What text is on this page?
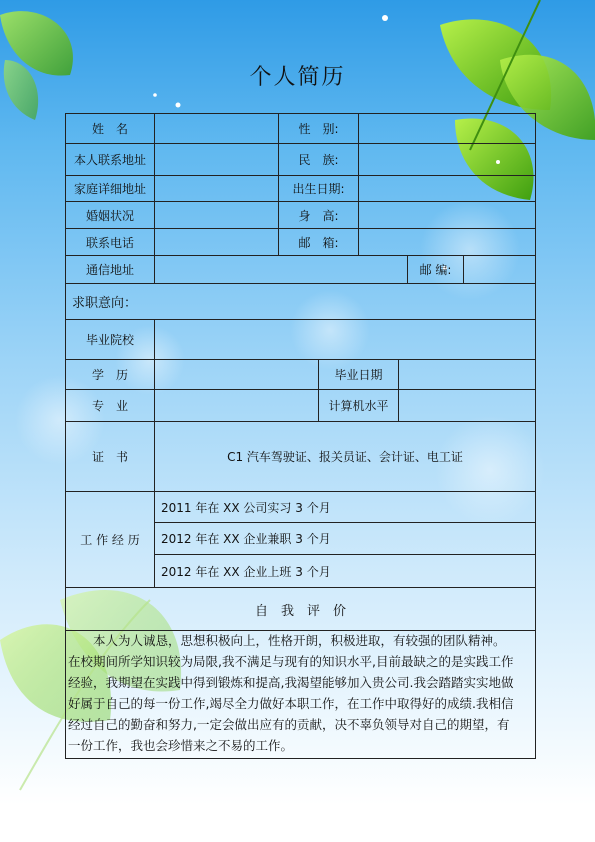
个人简历
姓　名	性　别:
本人联系地址	民　族:
家庭详细地址	出生日期:
婚姻状况	身　高:
联系电话	邮　箱:
通信地址	邮 编:
求职意向：
毕业院校
学　历	毕业日期
专　业	计算机水平
证　书	C1 汽车驾驶证、报关员证、会计证、电工证
工 作 经 历
2011 年在 XX 公司实习 3 个月
2012 年在 XX 企业兼职 3 个月
2012 年在 XX 企业上班 3 个月
自　我　评　价
　　本人为人诚恳，思想积极向上，性格开朗，积极进取，有较强的团队精神。
在校期间所学知识较为局限,我不满足与现有的知识水平,目前最缺之的是实践工作
经验，我期望在实践中得到锻炼和提高,我渴望能够加入贵公司.我会踏踏实实地做
好属于自己的每一份工作,竭尽全力做好本职工作，在工作中取得好的成绩.我相信
经过自己的勤奋和努力,一定会做出应有的贡献，决不辜负领导对自己的期望，有
一份工作，我也会珍惜来之不易的工作。
